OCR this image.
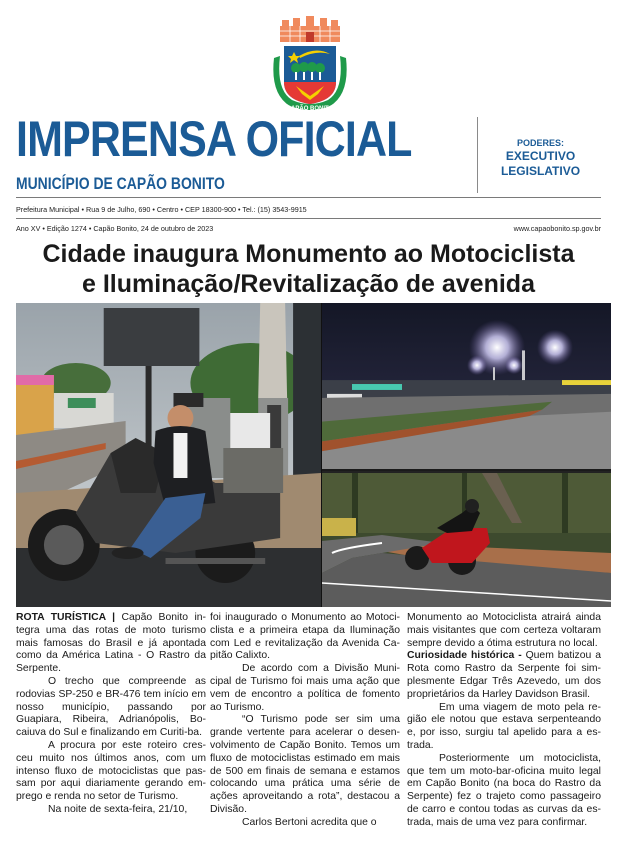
CAPÃO BONITO
IMPRENSA OFICIAL
MUNICÍPIO DE CAPÃO BONITO
PODERES:
EXECUTIVO
LEGISLATIVO
Prefeitura Municipal • Rua 9 de Julho, 690 • Centro • CEP 18300-900 • Tel.: (15) 3543-9915
Ano XV • Edição 1274 • Capão Bonito, 24 de outubro de 2023	www.capaobonito.sp.gov.br
Cidade inaugura Monumento ao Motociclista
e Iluminação/Revitalização de avenida

ROTA TURÍSTICA | Capão Bonito in-tegra uma das rotas de moto turismo mais famosas do Brasil e já apontada como da América Latina - O Rastro da Serpente.

O trecho que compreende as rodovias SP-250 e BR-476 tem início em nosso município, passando por Guapiara, Ribeira, Adrianópolis, Bo-caiuva do Sul e finalizando em Curiti-ba.

A procura por este roteiro cres-ceu muito nos últimos anos, com um intenso fluxo de motociclistas que pas-sam por aqui diariamente gerando em-prego e renda no setor de Turismo.

Na noite de sexta-feira, 21/10,

foi inaugurado o Monumento ao Motoci-clista e a primeira etapa da Iluminação com Led e revitalização da Avenida Ca-pitão Calixto.

De acordo com a Divisão Muni-cipal de Turismo foi mais uma ação que vem de encontro a política de fomento ao Turismo.

“O Turismo pode ser sim uma grande vertente para acelerar o desen-volvimento de Capão Bonito. Temos um fluxo de motociclistas estimado em mais de 500 em finais de semana e estamos colocando uma prática uma série de ações aproveitando a rota”, destacou a Divisão.

Carlos Bertoni acredita que o

Monumento ao Motociclista atrairá ainda mais visitantes que com certeza voltaram sempre devido a ótima estrutura no local.

Curiosidade histórica - Quem batizou a Rota como Rastro da Serpente foi sim-plesmente Edgar Três Azevedo, um dos proprietários da Harley Davidson Brasil.

Em uma viagem de moto pela re-gião ele notou que estava serpenteando e, por isso, surgiu tal apelido para a es-trada.

Posteriormente um motociclista, que tem um moto-bar-oficina muito legal em Capão Bonito (na boca do Rastro da Serpente) fez o trajeto como passageiro de carro e contou todas as curvas da es-trada, mais de uma vez para confirmar.
